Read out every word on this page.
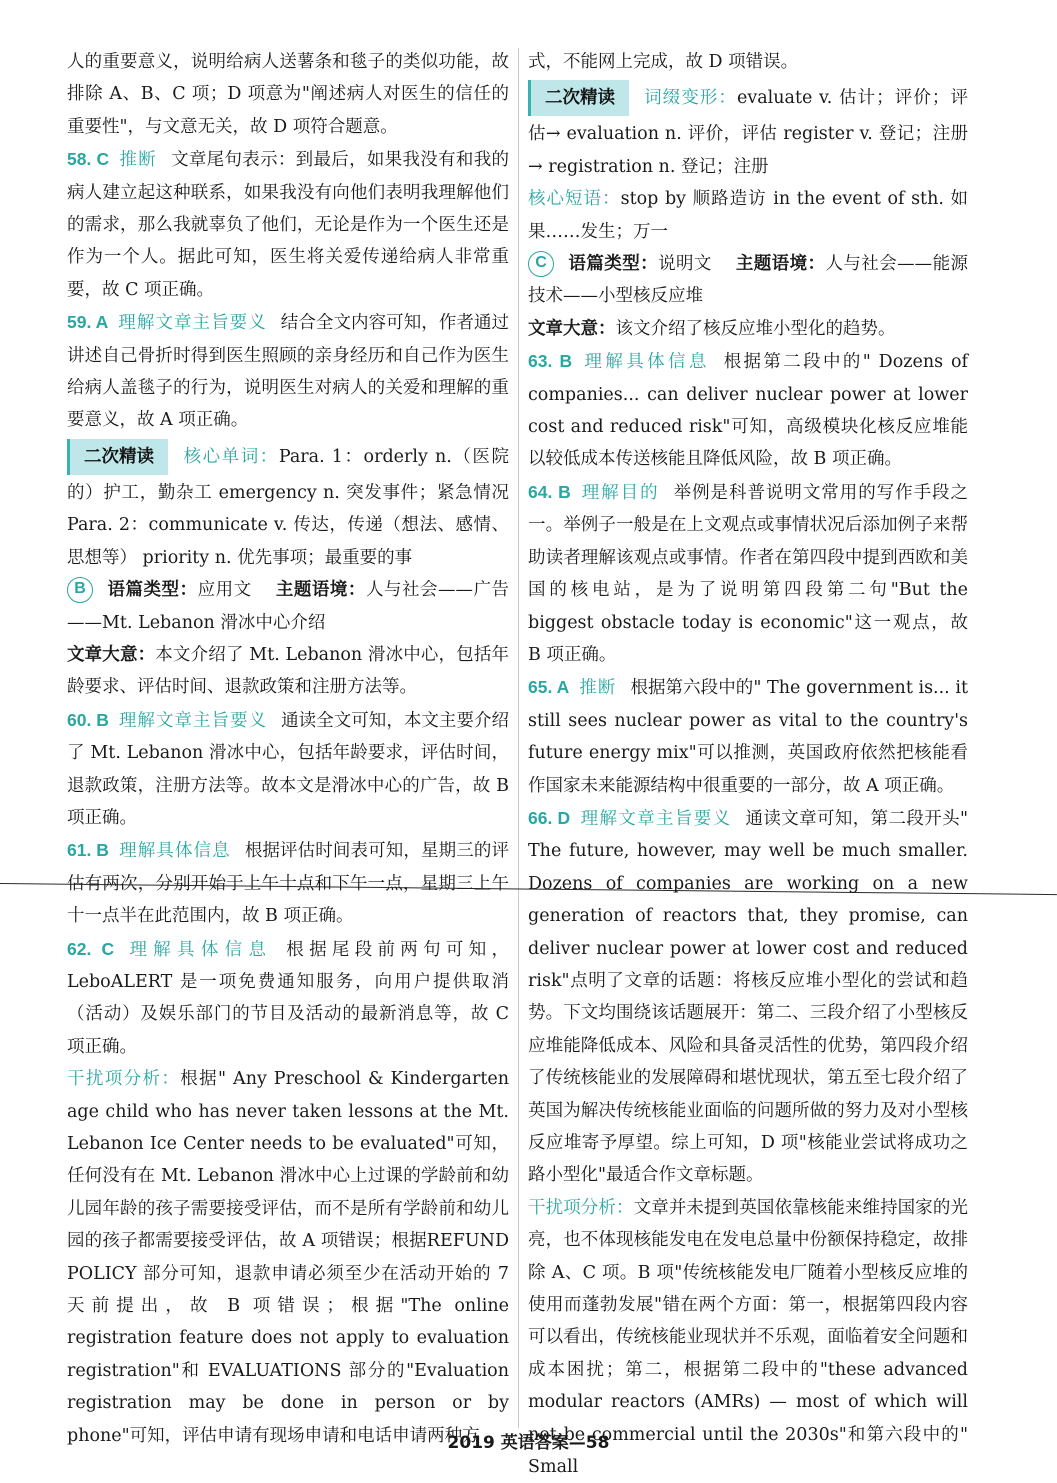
人的重要意义，说明给病人送薯条和毯子的类似功能，故排除 A、B、C 项；D 项意为"阐述病人对医生的信任的重要性"，与文意无关，故 D 项符合题意。

58. C 推断 文章尾句表示：到最后，如果我没有和我的病人建立起这种联系，如果我没有向他们表明我理解他们的需求，那么我就辜负了他们，无论是作为一个医生还是作为一个人。据此可知，医生将关爱传递给病人非常重要，故 C 项正确。

59. A 理解文章主旨要义 结合全文内容可知，作者通过讲述自己骨折时得到医生照顾的亲身经历和自己作为医生给病人盖毯子的行为，说明医生对病人的关爱和理解的重要意义，故 A 项正确。

二次精读 核心单词：Para. 1：orderly n.（医院的）护工，勤杂工 emergency n. 突发事件；紧急情况 Para. 2：communicate v. 传达，传递（想法、感情、思想等） priority n. 优先事项；最重要的事

B 语篇类型：应用文 主题语境：人与社会——广告——Mt. Lebanon 滑冰中心介绍

文章大意：本文介绍了 Mt. Lebanon 滑冰中心，包括年龄要求、评估时间、退款政策和注册方法等。

60. B 理解文章主旨要义 通读全文可知，本文主要介绍了 Mt. Lebanon 滑冰中心，包括年龄要求，评估时间，退款政策，注册方法等。故本文是滑冰中心的广告，故 B 项正确。

61. B 理解具体信息 根据评估时间表可知，星期三的评估有两次，分别开始于上午十点和下午一点，星期三上午十一点半在此范围内，故 B 项正确。

62. C 理解具体信息 根据尾段前两句可知，LeboALERT 是一项免费通知服务，向用户提供取消（活动）及娱乐部门的节目及活动的最新消息等，故 C 项正确。

干扰项分析：根据" Any Preschool & Kindergarten age child who has never taken lessons at the Mt. Lebanon Ice Center needs to be evaluated"可知，任何没有在 Mt. Lebanon 滑冰中心上过课的学龄前和幼儿园年龄的孩子需要接受评估，而不是所有学龄前和幼儿园的孩子都需要接受评估，故 A 项错误；根据REFUND POLICY 部分可知，退款申请必须至少在活动开始的 7 天前提出，故 B 项错误；根据"The online registration feature does not apply to evaluation registration"和 EVALUATIONS 部分的"Evaluation registration may be done in person or by phone"可知，评估申请有现场申请和电话申请两种方

式，不能网上完成，故 D 项错误。

二次精读 词缀变形：evaluate v. 估计；评价；评估→ evaluation n. 评价，评估 register v. 登记；注册→ registration n. 登记；注册

核心短语：stop by 顺路造访 in the event of sth. 如果……发生；万一

C 语篇类型：说明文 主题语境：人与社会——能源技术——小型核反应堆

文章大意：该文介绍了核反应堆小型化的趋势。

63. B 理解具体信息 根据第二段中的" Dozens of companies... can deliver nuclear power at lower cost and reduced risk"可知，高级模块化核反应堆能以较低成本传送核能且降低风险，故 B 项正确。

64. B 理解目的 举例是科普说明文常用的写作手段之一。举例子一般是在上文观点或事情状况后添加例子来帮助读者理解该观点或事情。作者在第四段中提到西欧和美国的核电站，是为了说明第四段第二句"But the biggest obstacle today is economic"这一观点，故 B 项正确。

65. A 推断 根据第六段中的" The government is... it still sees nuclear power as vital to the country's future energy mix"可以推测，英国政府依然把核能看作国家未来能源结构中很重要的一部分，故 A 项正确。

66. D 理解文章主旨要义 通读文章可知，第二段开头" The future, however, may well be much smaller. Dozens of companies are working on a new generation of reactors that, they promise, can deliver nuclear power at lower cost and reduced risk"点明了文章的话题：将核反应堆小型化的尝试和趋势。下文均围绕该话题展开：第二、三段介绍了小型核反应堆能降低成本、风险和具备灵活性的优势，第四段介绍了传统核能业的发展障碍和堪忧现状，第五至七段介绍了英国为解决传统核能业面临的问题所做的努力及对小型核反应堆寄予厚望。综上可知，D 项"核能业尝试将成功之路小型化"最适合作文章标题。

干扰项分析：文章并未提到英国依靠核能来维持国家的光亮，也不体现核能发电在发电总量中份额保持稳定，故排除 A、C 项。B 项"传统核能发电厂随着小型核反应堆的使用而蓬勃发展"错在两个方面：第一，根据第四段内容可以看出，传统核能业现状并不乐观，面临着安全问题和成本困扰；第二，根据第二段中的"these advanced modular reactors (AMRs) — most of which will not be commercial until the 2030s"和第六段中的" Small

2019 英语答案—58
